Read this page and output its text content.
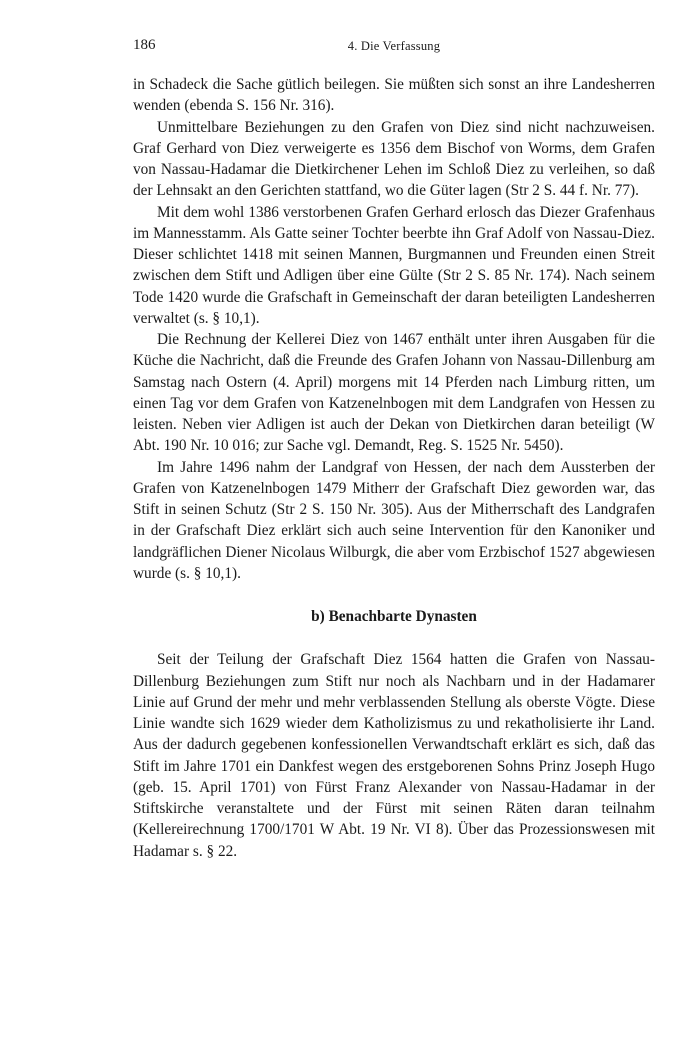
186	4. Die Verfassung

in Schadeck die Sache gütlich beilegen. Sie müßten sich sonst an ihre Landesherren wenden (ebenda S. 156 Nr. 316).

Unmittelbare Beziehungen zu den Grafen von Diez sind nicht nachzuweisen. Graf Gerhard von Diez verweigerte es 1356 dem Bischof von Worms, dem Grafen von Nassau-Hadamar die Dietkirchener Lehen im Schloß Diez zu verleihen, so daß der Lehnsakt an den Gerichten stattfand, wo die Güter lagen (Str 2 S. 44 f. Nr. 77).

Mit dem wohl 1386 verstorbenen Grafen Gerhard erlosch das Diezer Grafenhaus im Mannesstamm. Als Gatte seiner Tochter beerbte ihn Graf Adolf von Nassau-Diez. Dieser schlichtet 1418 mit seinen Mannen, Burgmannen und Freunden einen Streit zwischen dem Stift und Adligen über eine Gülte (Str 2 S. 85 Nr. 174). Nach seinem Tode 1420 wurde die Grafschaft in Gemeinschaft der daran beteiligten Landesherren verwaltet (s. § 10,1).

Die Rechnung der Kellerei Diez von 1467 enthält unter ihren Ausgaben für die Küche die Nachricht, daß die Freunde des Grafen Johann von Nassau-Dillenburg am Samstag nach Ostern (4. April) morgens mit 14 Pferden nach Limburg ritten, um einen Tag vor dem Grafen von Katzenelnbogen mit dem Landgrafen von Hessen zu leisten. Neben vier Adligen ist auch der Dekan von Dietkirchen daran beteiligt (W Abt. 190 Nr. 10 016; zur Sache vgl. Demandt, Reg. S. 1525 Nr. 5450).

Im Jahre 1496 nahm der Landgraf von Hessen, der nach dem Aussterben der Grafen von Katzenelnbogen 1479 Mitherr der Grafschaft Diez geworden war, das Stift in seinen Schutz (Str 2 S. 150 Nr. 305). Aus der Mitherrschaft des Landgrafen in der Grafschaft Diez erklärt sich auch seine Intervention für den Kanoniker und landgräflichen Diener Nicolaus Wilburgk, die aber vom Erzbischof 1527 abgewiesen wurde (s. § 10,1).

b) Benachbarte Dynasten

Seit der Teilung der Grafschaft Diez 1564 hatten die Grafen von Nassau-Dillenburg Beziehungen zum Stift nur noch als Nachbarn und in der Hadamarer Linie auf Grund der mehr und mehr verblassenden Stellung als oberste Vögte. Diese Linie wandte sich 1629 wieder dem Katholizismus zu und rekatholisierte ihr Land. Aus der dadurch gegebenen konfessionellen Verwandtschaft erklärt es sich, daß das Stift im Jahre 1701 ein Dankfest wegen des erstgeborenen Sohns Prinz Joseph Hugo (geb. 15. April 1701) von Fürst Franz Alexander von Nassau-Hadamar in der Stiftskirche veranstaltete und der Fürst mit seinen Räten daran teilnahm (Kellereirechnung 1700/1701 W Abt. 19 Nr. VI 8). Über das Prozessionswesen mit Hadamar s. § 22.
